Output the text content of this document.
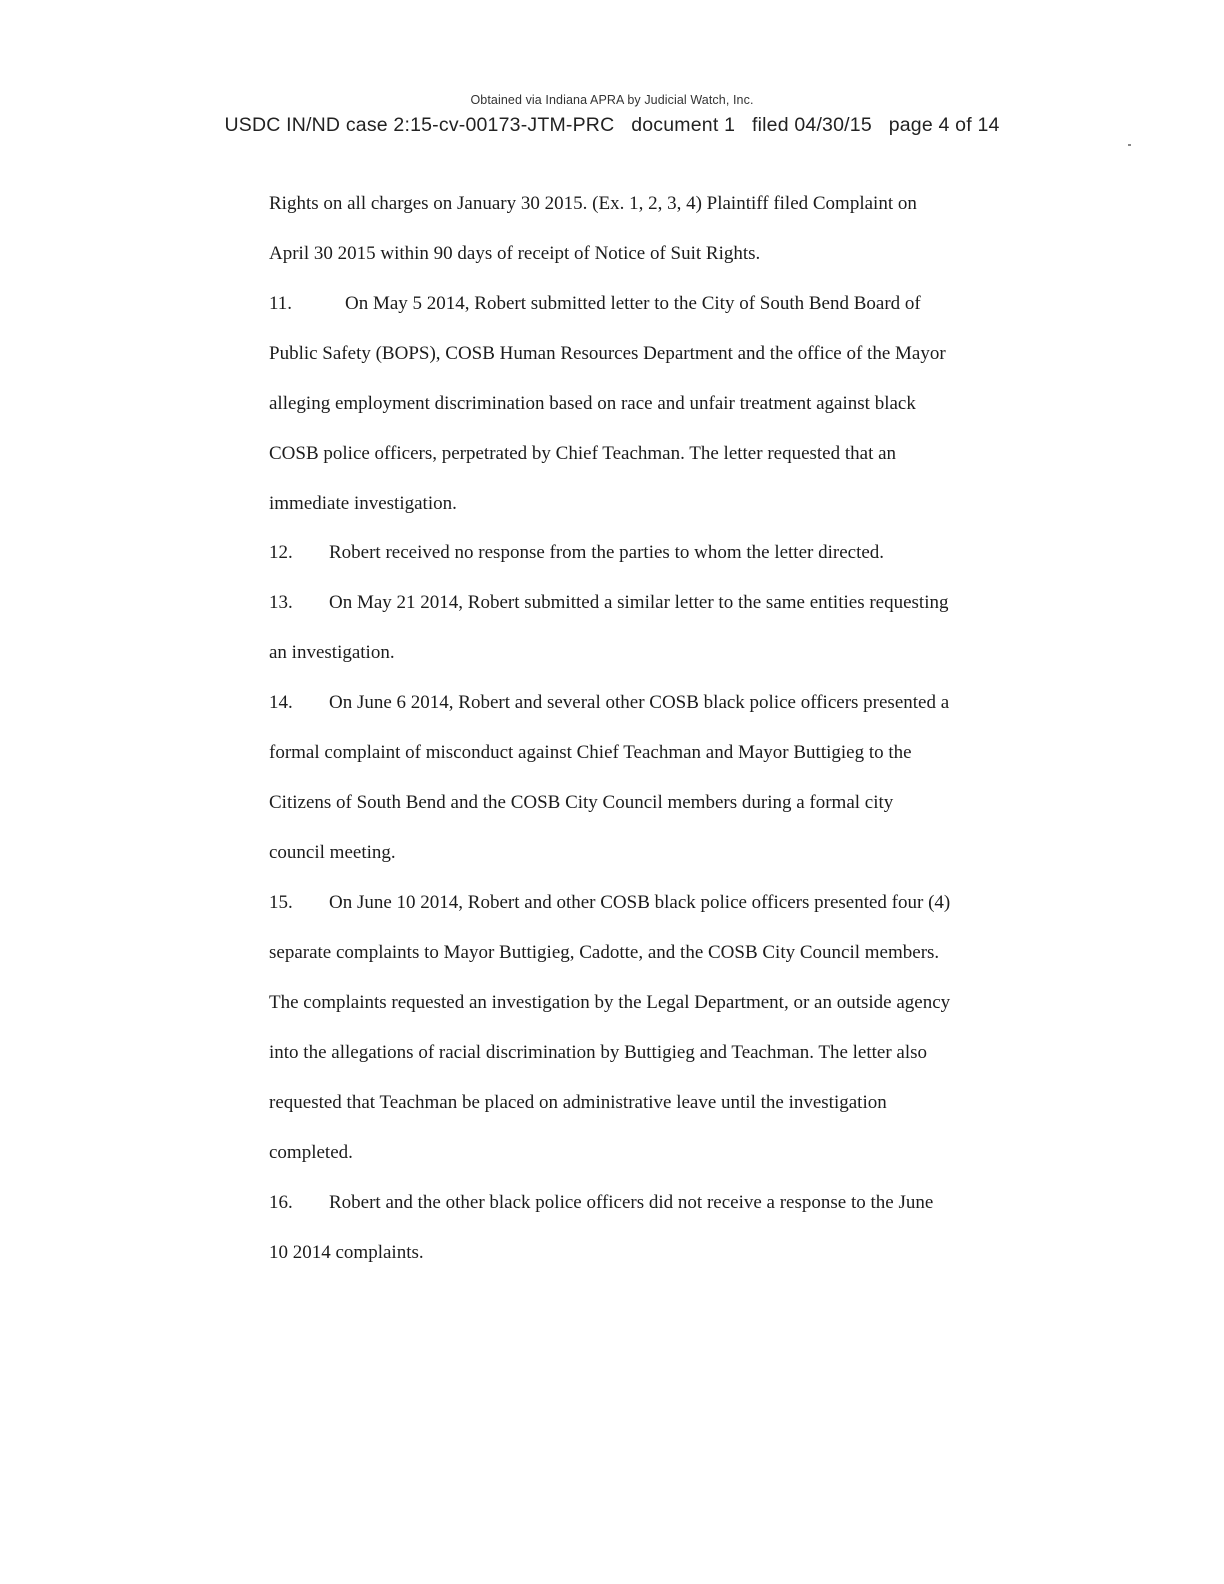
Obtained via Indiana APRA by Judicial Watch, Inc.
USDC IN/ND case 2:15-cv-00173-JTM-PRC   document 1   filed 04/30/15   page 4 of 14
Rights on all charges on January 30 2015. (Ex. 1, 2, 3, 4) Plaintiff filed Complaint on
April 30 2015 within 90 days of receipt of Notice of Suit Rights.
11.	On May 5 2014, Robert submitted letter to the City of South Bend Board of
Public Safety (BOPS), COSB Human Resources Department and the office of the Mayor
alleging employment discrimination based on race and unfair treatment against black
COSB police officers, perpetrated by Chief Teachman. The letter requested that an
immediate investigation.
12. Robert received no response from the parties to whom the letter directed.
13. On May 21 2014, Robert submitted a similar letter to the same entities requesting
an investigation.
14. On June 6 2014, Robert and several other COSB black police officers presented a
formal complaint of misconduct against Chief Teachman and Mayor Buttigieg to the
Citizens of South Bend and the COSB City Council members during a formal city
council meeting.
15. On June 10 2014, Robert and other COSB black police officers presented four (4)
separate complaints to Mayor Buttigieg, Cadotte, and the COSB City Council members.
The complaints requested an investigation by the Legal Department, or an outside agency
into the allegations of racial discrimination by Buttigieg and Teachman. The letter also
requested that Teachman be placed on administrative leave until the investigation
completed.
16. Robert and the other black police officers did not receive a response to the June
10 2014 complaints.
